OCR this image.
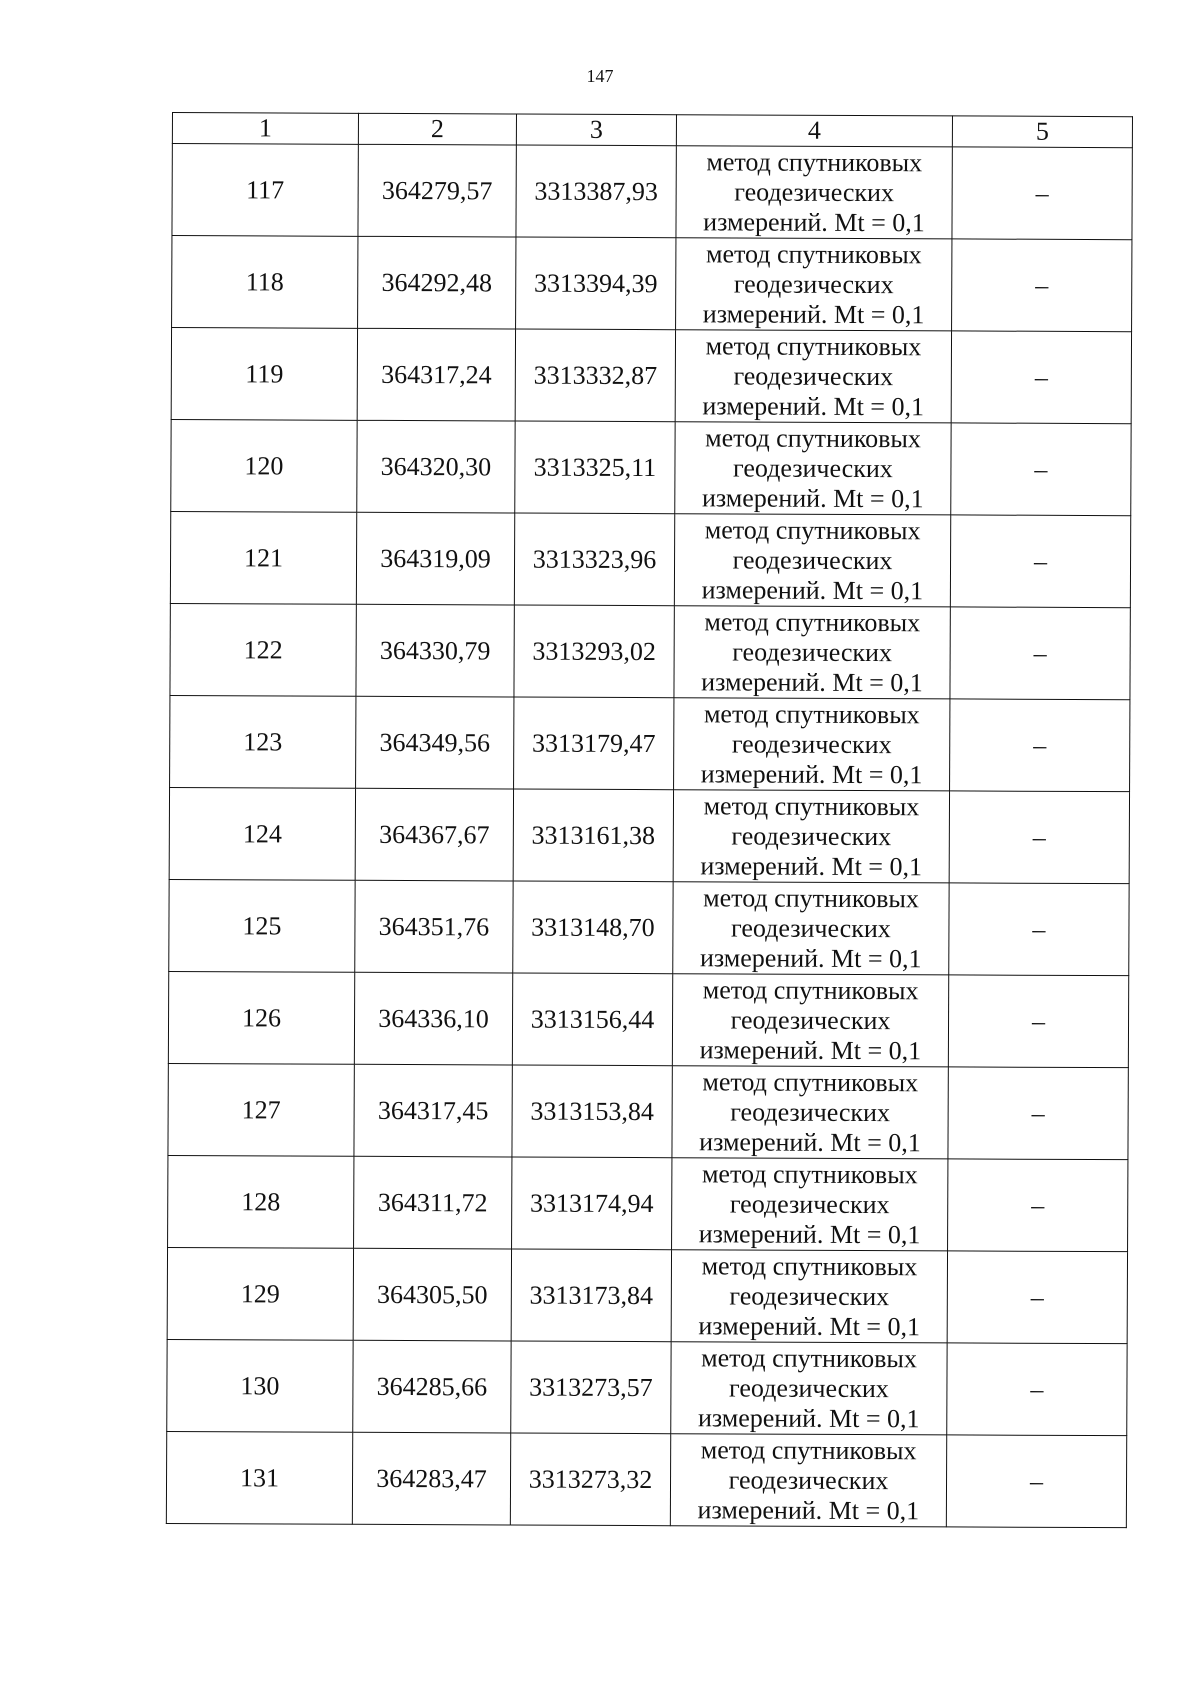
147
1	2	3	4	5
117	364279,57	3313387,93	метод спутниковых
геодезических
измерений. Mt = 0,1	–
118	364292,48	3313394,39	метод спутниковых
геодезических
измерений. Mt = 0,1	–
119	364317,24	3313332,87	метод спутниковых
геодезических
измерений. Mt = 0,1	–
120	364320,30	3313325,11	метод спутниковых
геодезических
измерений. Mt = 0,1	–
121	364319,09	3313323,96	метод спутниковых
геодезических
измерений. Mt = 0,1	–
122	364330,79	3313293,02	метод спутниковых
геодезических
измерений. Mt = 0,1	–
123	364349,56	3313179,47	метод спутниковых
геодезических
измерений. Mt = 0,1	–
124	364367,67	3313161,38	метод спутниковых
геодезических
измерений. Mt = 0,1	–
125	364351,76	3313148,70	метод спутниковых
геодезических
измерений. Mt = 0,1	–
126	364336,10	3313156,44	метод спутниковых
геодезических
измерений. Mt = 0,1	–
127	364317,45	3313153,84	метод спутниковых
геодезических
измерений. Mt = 0,1	–
128	364311,72	3313174,94	метод спутниковых
геодезических
измерений. Mt = 0,1	–
129	364305,50	3313173,84	метод спутниковых
геодезических
измерений. Mt = 0,1	–
130	364285,66	3313273,57	метод спутниковых
геодезических
измерений. Mt = 0,1	–
131	364283,47	3313273,32	метод спутниковых
геодезических
измерений. Mt = 0,1	–
